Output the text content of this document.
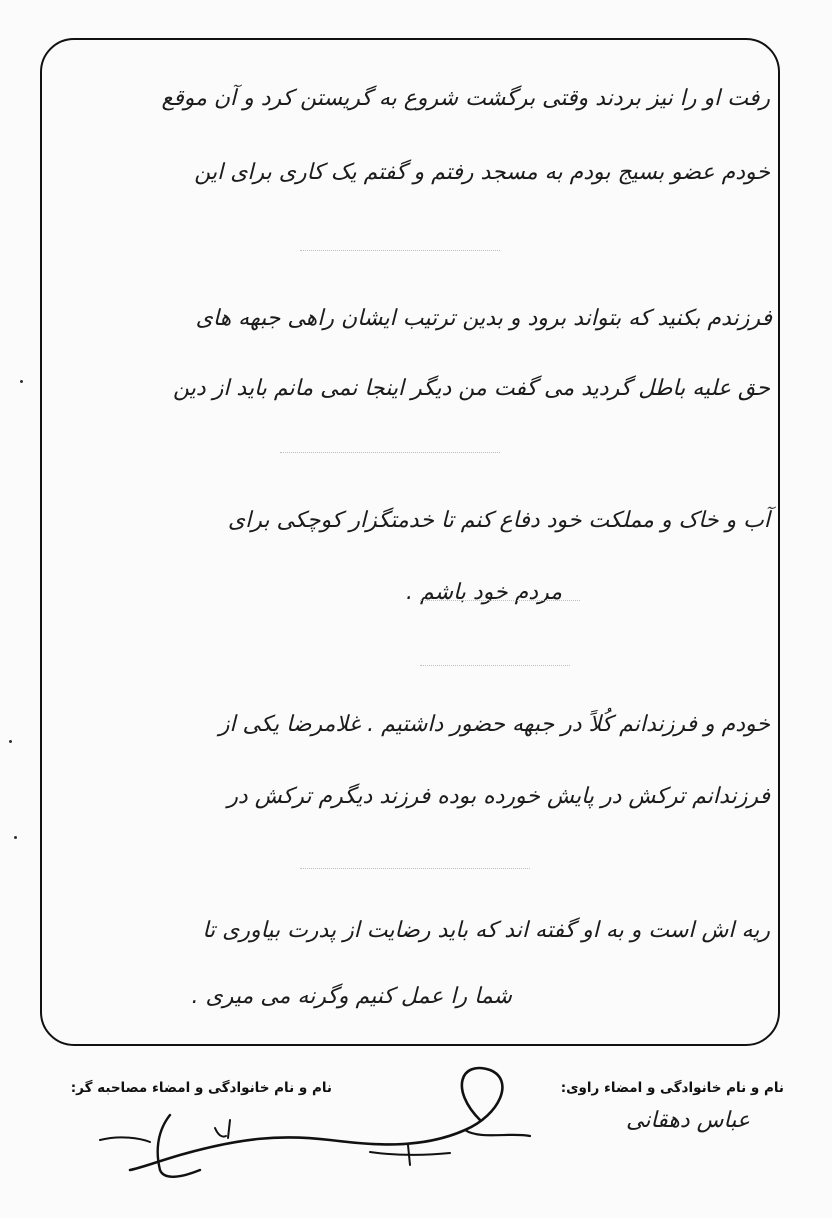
رفت او را نیز بردند وقتی برگشت شروع به گریستن کرد و آن موقع
خودم عضو بسیج بودم به مسجد رفتم و گفتم یک کاری برای این
فرزندم بکنید که بتواند برود و بدین ترتیب ایشان راهی جبهه های
حق علیه باطل گردید می گفت من دیگر اینجا نمی مانم باید از دین
آب و خاک و مملکت خود دفاع کنم تا خدمتگزار کوچکی برای
مردم خود باشم .
خودم و فرزندانم کُلاً در جبهه حضور داشتیم . غلامرضا یکی از
فرزندانم ترکش در پایش خورده بوده فرزند دیگرم ترکش در
ریه اش است و به او گفته اند که باید رضایت از پدرت بیاوری تا
شما را عمل کنیم وگرنه می میری .
نام و نام خانوادگی و امضاء راوی:
نام و نام خانوادگی و امضاء مصاحبه گر:
عباس دهقانی
